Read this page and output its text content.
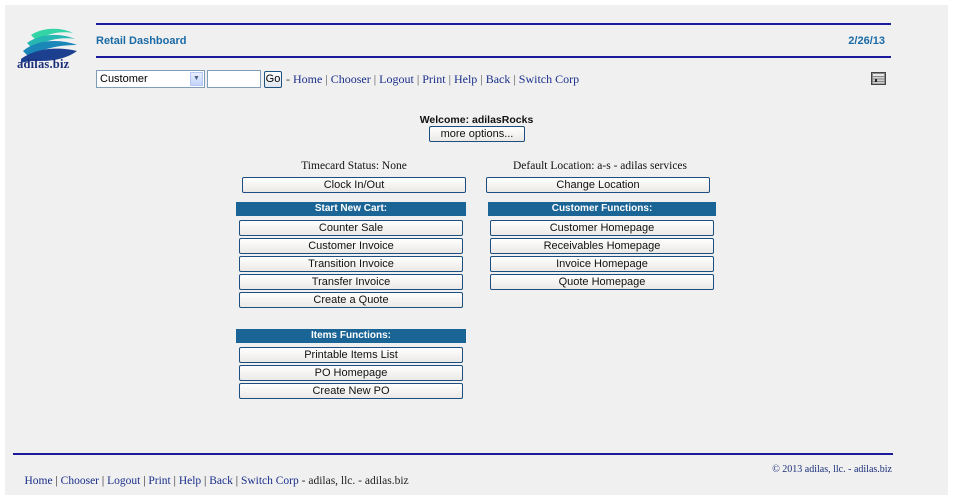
adilas.biz
Retail Dashboard	2/26/13
Customer	▼	Go - Home | Chooser | Logout | Print | Help | Back | Switch Corp
Welcome: adilasRocks
more options...
Timecard Status: None
Clock In/Out
Default Location: a-s - adilas services
Change Location
Start New Cart:
Counter Sale
Customer Invoice
Transition Invoice
Transfer Invoice
Create a Quote
Customer Functions:
Customer Homepage
Receivables Homepage
Invoice Homepage
Quote Homepage
Items Functions:
Printable Items List
PO Homepage
Create New PO

Home | Chooser | Logout | Print | Help | Back | Switch Corp - adilas, llc. - adilas.biz

© 2013 adilas, llc. - adilas.biz
